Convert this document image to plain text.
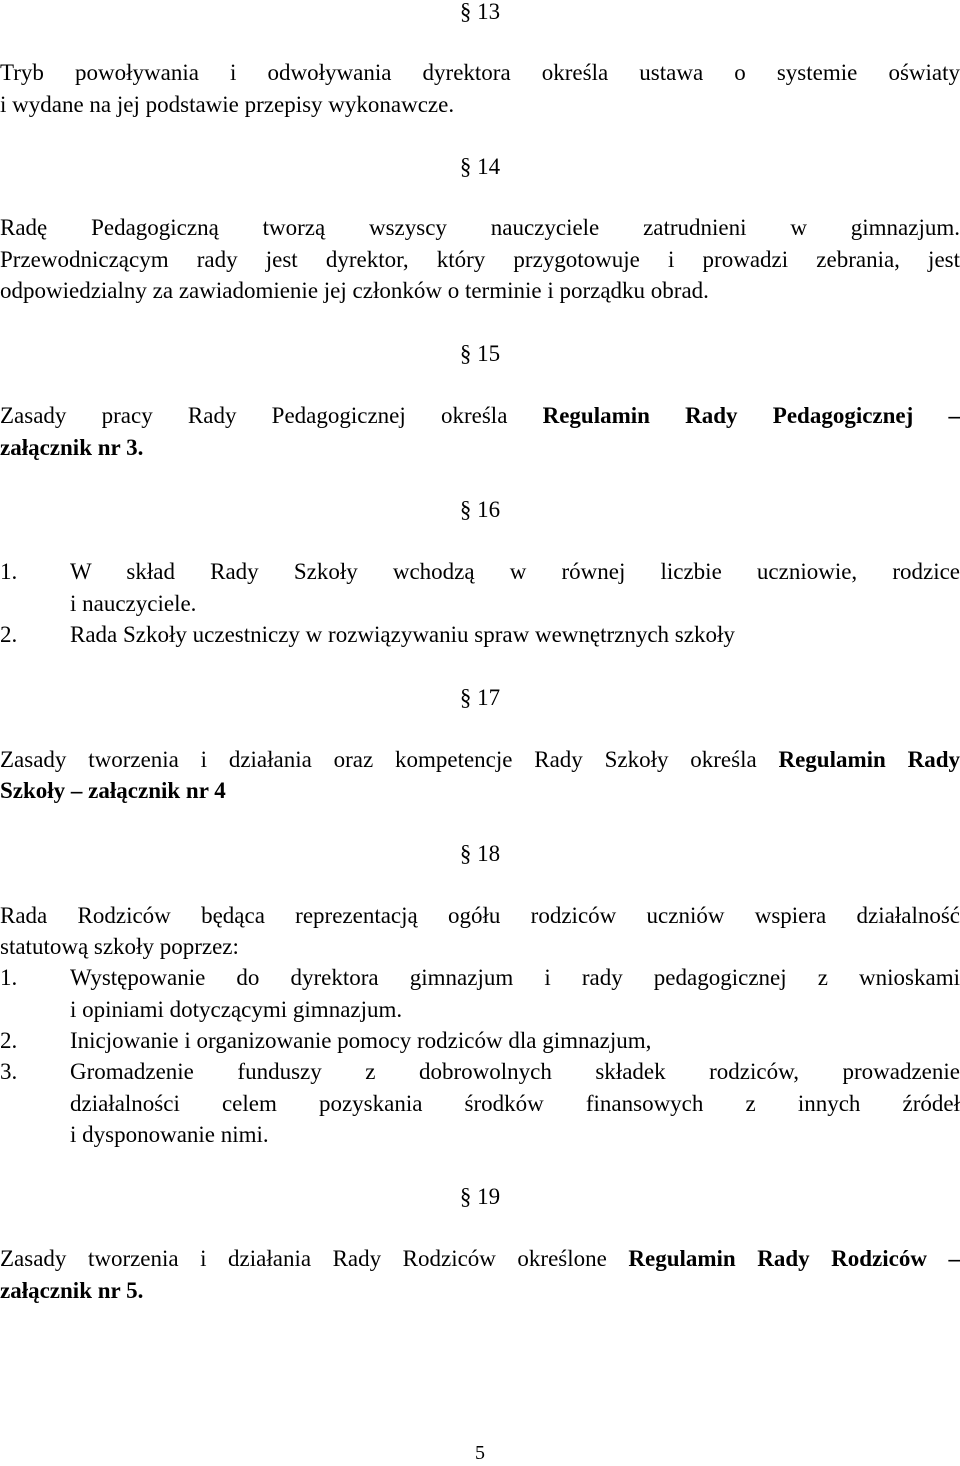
§ 13
Tryb powoływania i odwoływania dyrektora określa ustawa o systemie oświaty
i wydane na jej podstawie przepisy wykonawcze.
§ 14
Radę Pedagogiczną tworzą wszyscy nauczyciele zatrudnieni w gimnazjum.
Przewodniczącym rady jest dyrektor, który przygotowuje i prowadzi zebrania, jest
odpowiedzialny za zawiadomienie jej członków o terminie i porządku obrad.
§ 15
Zasady pracy Rady Pedagogicznej określa Regulamin Rady Pedagogicznej –
załącznik nr 3.
§ 16
1. W skład Rady Szkoły wchodzą w równej liczbie uczniowie, rodzice
i nauczyciele.
2. Rada Szkoły uczestniczy w rozwiązywaniu spraw wewnętrznych szkoły
§ 17
Zasady tworzenia i działania oraz kompetencje Rady Szkoły określa Regulamin Rady
Szkoły – załącznik nr 4
§ 18
Rada Rodziców będąca reprezentacją ogółu rodziców uczniów wspiera działalność
statutową szkoły poprzez:
1. Występowanie do dyrektora gimnazjum i rady pedagogicznej z wnioskami
i opiniami dotyczącymi gimnazjum.
2. Inicjowanie i organizowanie pomocy rodziców dla gimnazjum,
3. Gromadzenie funduszy z dobrowolnych składek rodziców, prowadzenie
działalności celem pozyskania środków finansowych z innych źródeł
i dysponowanie nimi.
§ 19
Zasady tworzenia i działania Rady Rodziców określone Regulamin Rady Rodziców –
załącznik nr 5.
5
